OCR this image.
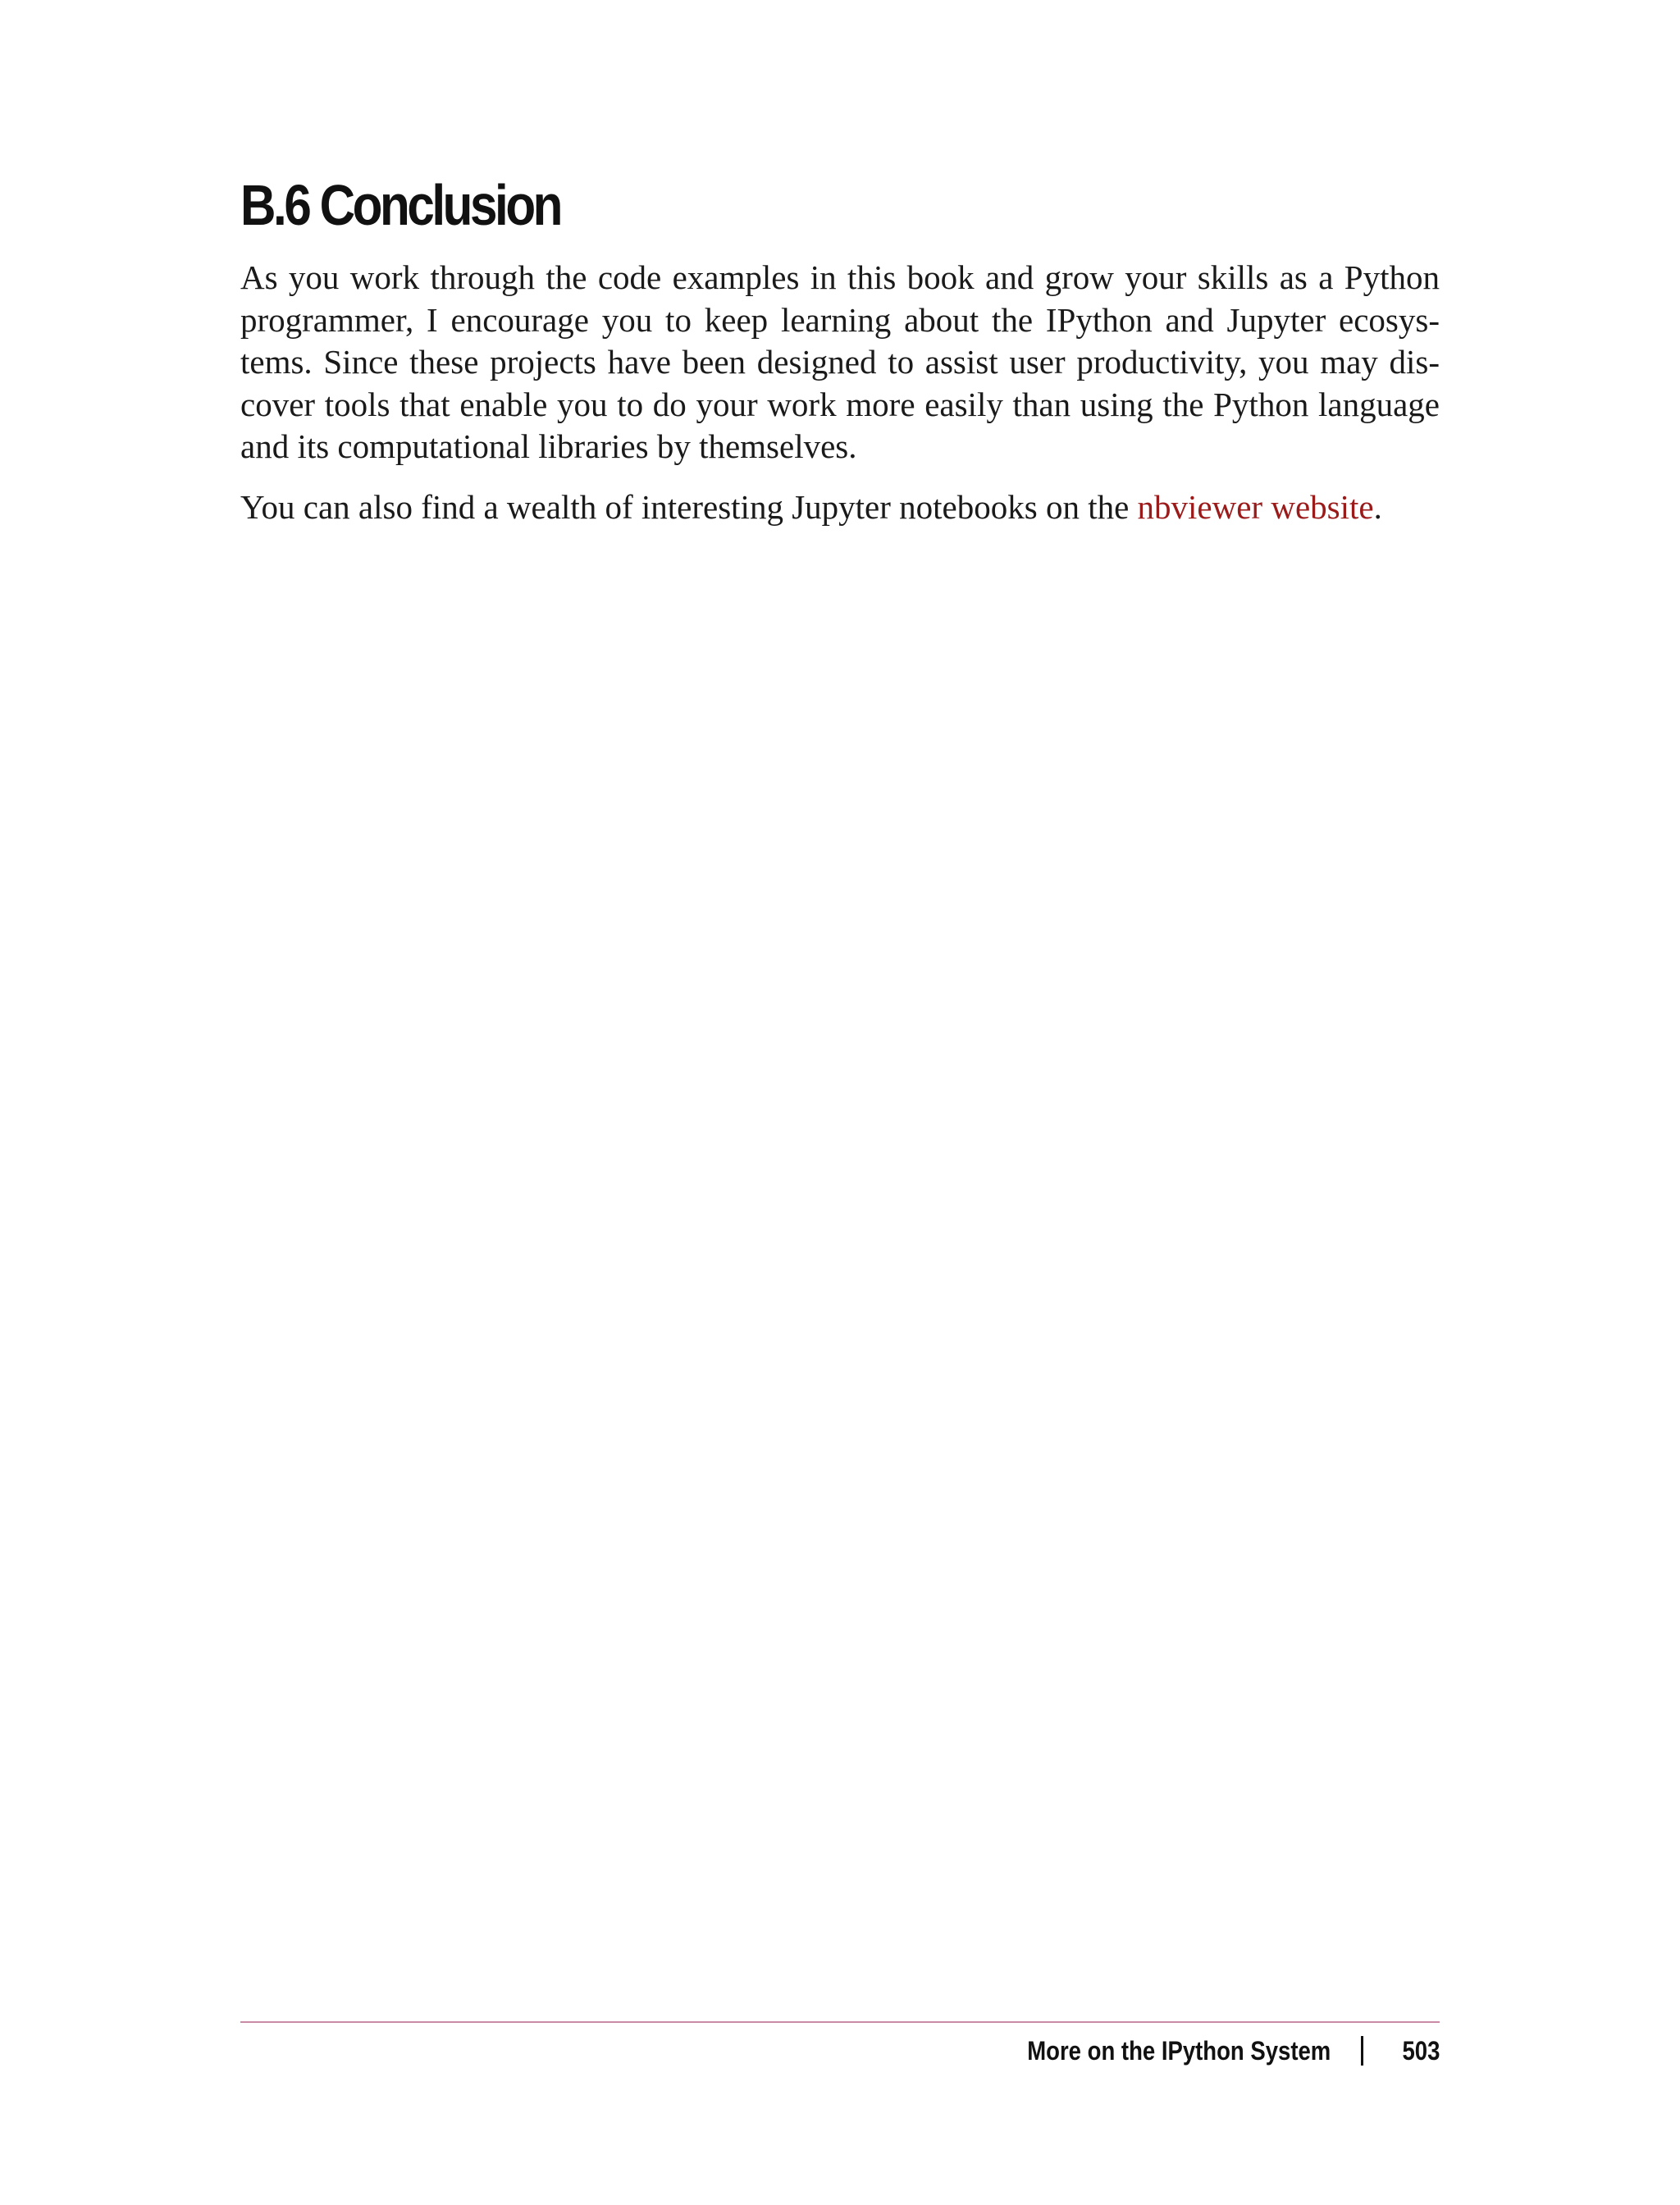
B.6 Conclusion

As you work through the code examples in this book and grow your skills as a Python programmer, I encourage you to keep learning about the IPython and Jupyter ecosystems. Since these projects have been designed to assist user productivity, you may discover tools that enable you to do your work more easily than using the Python language and its computational libraries by themselves.

You can also find a wealth of interesting Jupyter notebooks on the nbviewer website.

More on the IPython System	503
